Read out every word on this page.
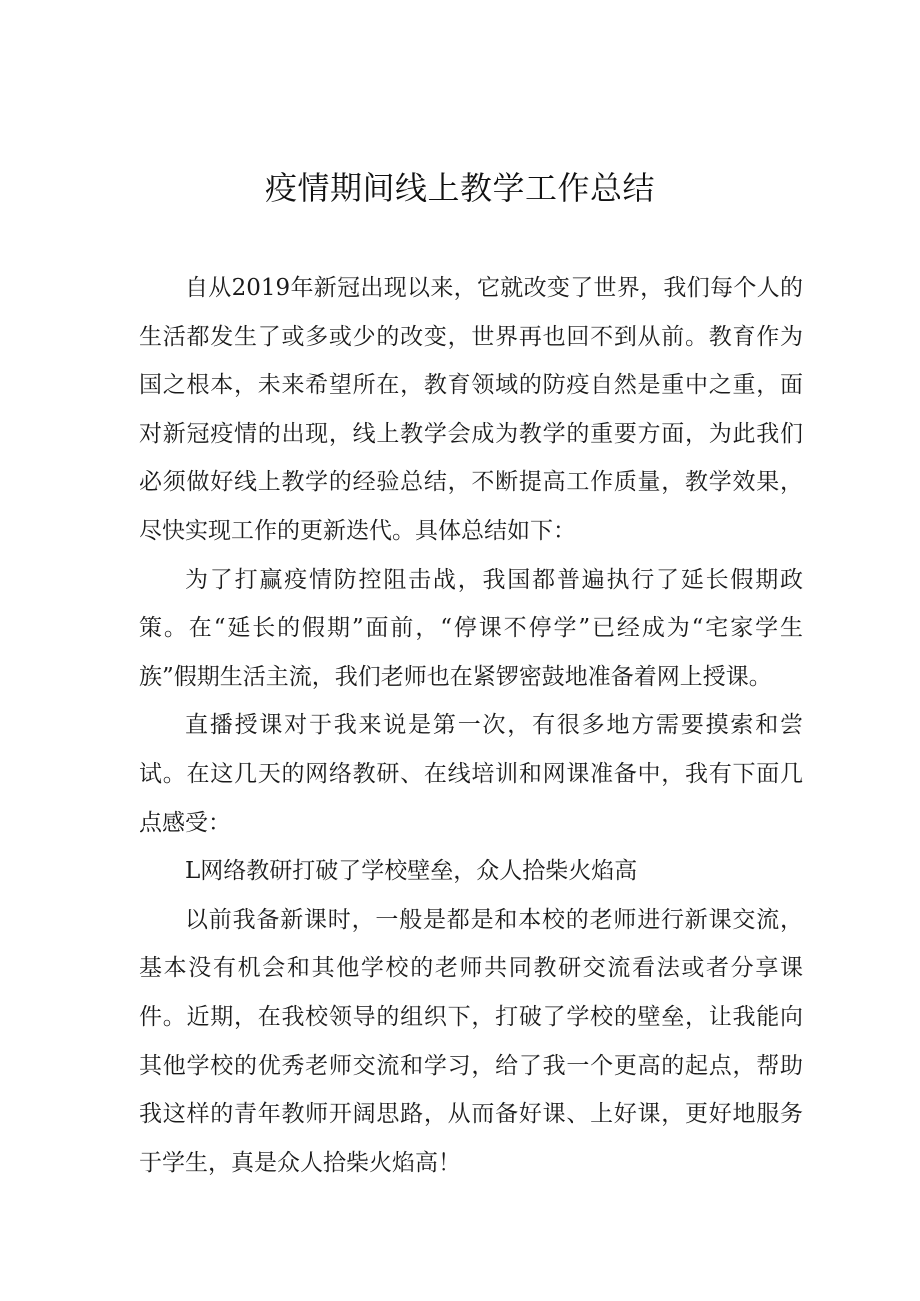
疫情期间线上教学工作总结

自从2019年新冠出现以来，它就改变了世界，我们每个人的生活都发生了或多或少的改变，世界再也回不到从前。教育作为国之根本，未来希望所在，教育领域的防疫自然是重中之重，面对新冠疫情的出现，线上教学会成为教学的重要方面，为此我们必须做好线上教学的经验总结，不断提高工作质量，教学效果，尽快实现工作的更新迭代。具体总结如下：

为了打赢疫情防控阻击战，我国都普遍执行了延长假期政策。在“延长的假期”面前，“停课不停学”已经成为“宅家学生族”假期生活主流，我们老师也在紧锣密鼓地准备着网上授课。

直播授课对于我来说是第一次，有很多地方需要摸索和尝试。在这几天的网络教研、在线培训和网课准备中，我有下面几点感受：

L网络教研打破了学校壁垒，众人拾柴火焰高

以前我备新课时，一般是都是和本校的老师进行新课交流，基本没有机会和其他学校的老师共同教研交流看法或者分享课件。近期，在我校领导的组织下，打破了学校的壁垒，让我能向其他学校的优秀老师交流和学习，给了我一个更高的起点，帮助我这样的青年教师开阔思路，从而备好课、上好课，更好地服务于学生，真是众人拾柴火焰高！
